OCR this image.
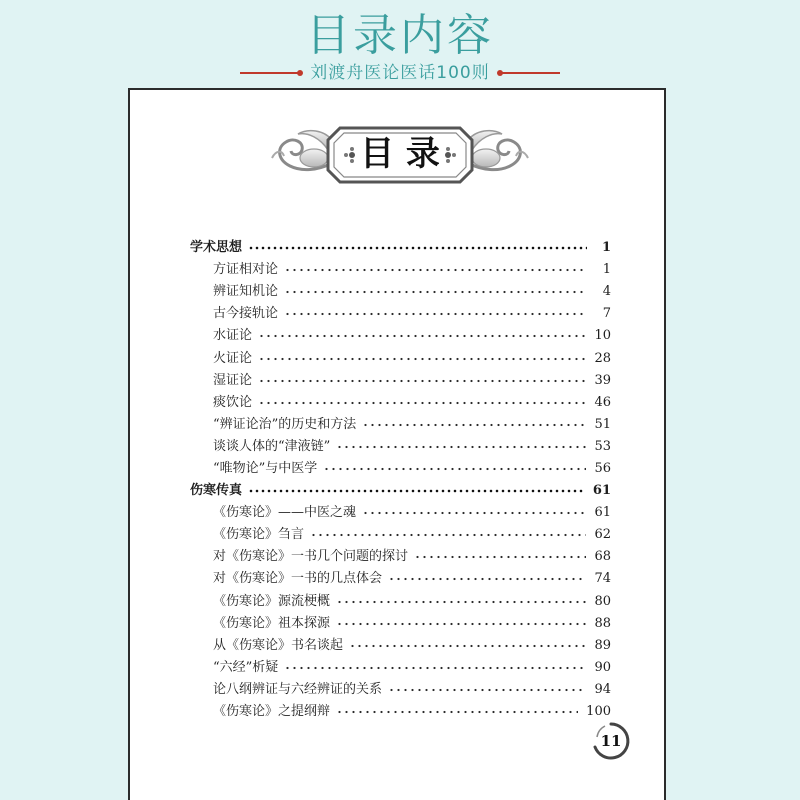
目录内容
刘渡舟医论医话100则
目 录
学术思想	1
方证相对论	1
辨证知机论	4
古今接轨论	7
水证论	10
火证论	28
湿证论	39
痰饮论	46
“辨证论治”的历史和方法	51
谈谈人体的“津液链”	53
“唯物论”与中医学	56
伤寒传真	61
《伤寒论》——中医之魂	61
《伤寒论》刍言	62
对《伤寒论》一书几个问题的探讨	68
对《伤寒论》一书的几点体会	74
《伤寒论》源流梗概	80
《伤寒论》祖本探源	88
从《伤寒论》书名谈起	89
“六经”析疑	90
论八纲辨证与六经辨证的关系	94
《伤寒论》之提纲辩	100
11
